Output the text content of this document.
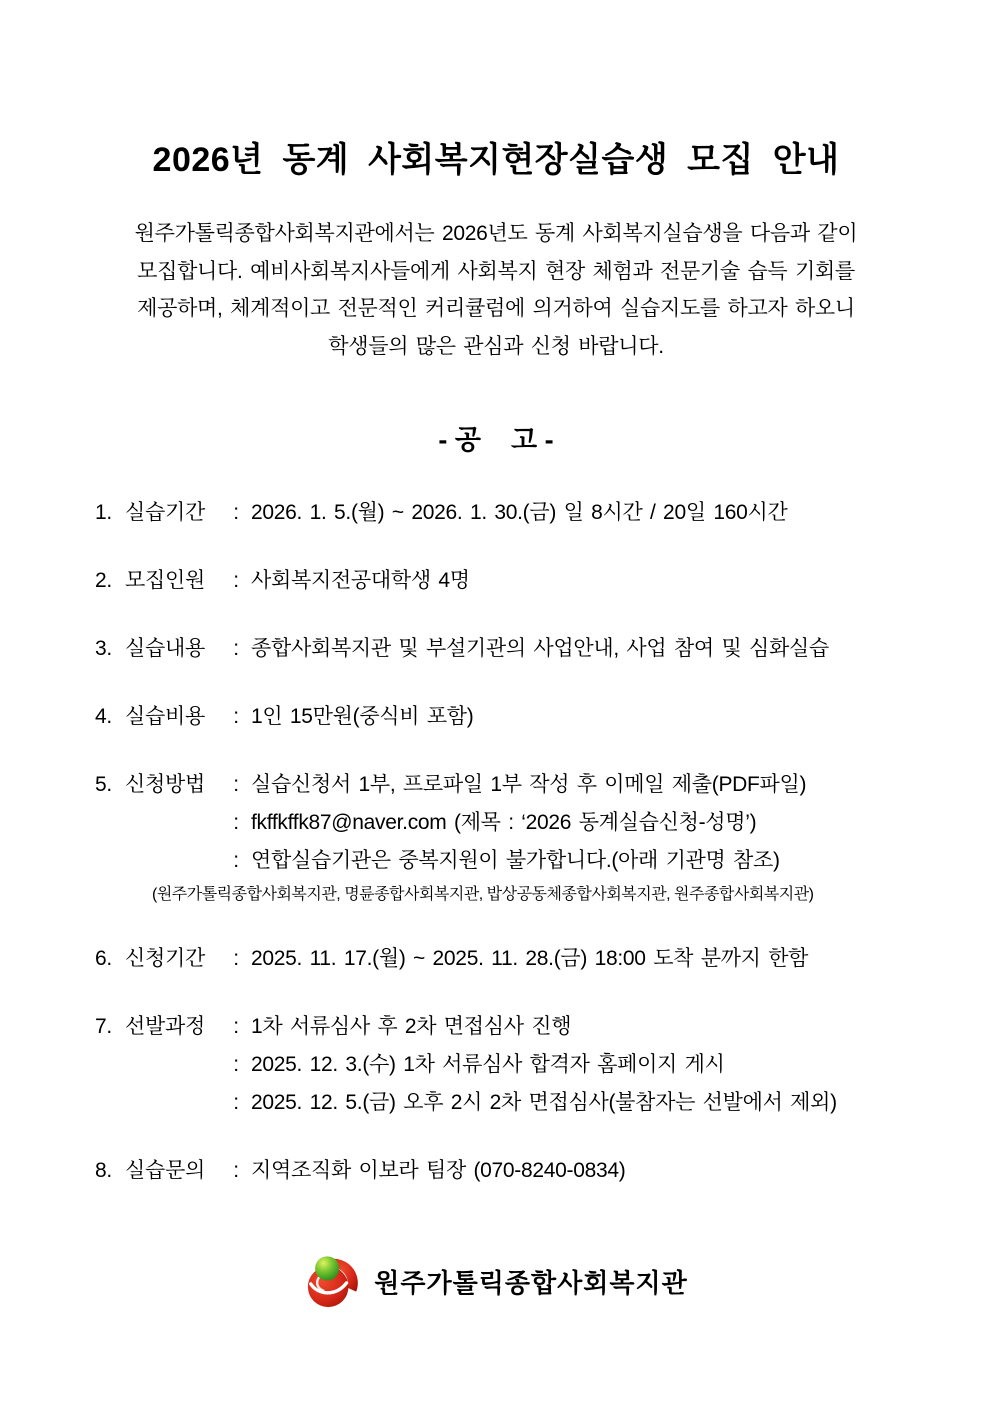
2026년 동계 사회복지현장실습생 모집 안내
원주가톨릭종합사회복지관에서는 2026년도 동계 사회복지실습생을 다음과 같이
모집합니다. 예비사회복지사들에게 사회복지 현장 체험과 전문기술 습득 기회를
제공하며, 체계적이고 전문적인 커리큘럼에 의거하여 실습지도를 하고자 하오니
학생들의 많은 관심과 신청 바랍니다.
- 공    고 -
1. 실습기간	: 2026. 1. 5.(월) ~ 2026. 1. 30.(금) 일 8시간 / 20일 160시간
2. 모집인원	: 사회복지전공대학생 4명
3. 실습내용	: 종합사회복지관 및 부설기관의 사업안내, 사업 참여 및 심화실습
4. 실습비용	: 1인 15만원(중식비 포함)
5. 신청방법	: 실습신청서 1부, 프로파일 1부 작성 후 이메일 제출(PDF파일)
: fkffkffk87@naver.com (제목 : ‘2026 동계실습신청-성명’)
: 연합실습기관은 중복지원이 불가합니다.(아래 기관명 참조)
(원주가톨릭종합사회복지관, 명륜종합사회복지관, 밥상공동체종합사회복지관, 원주종합사회복지관)
6. 신청기간	: 2025. 11. 17.(월) ~ 2025. 11. 28.(금) 18:00 도착 분까지 한함
7. 선발과정	: 1차 서류심사 후 2차 면접심사 진행
: 2025. 12. 3.(수) 1차 서류심사 합격자 홈페이지 게시
: 2025. 12. 5.(금) 오후 2시 2차 면접심사(불참자는 선발에서 제외)
8. 실습문의	: 지역조직화 이보라 팀장 (070-8240-0834)
원주가톨릭종합사회복지관
